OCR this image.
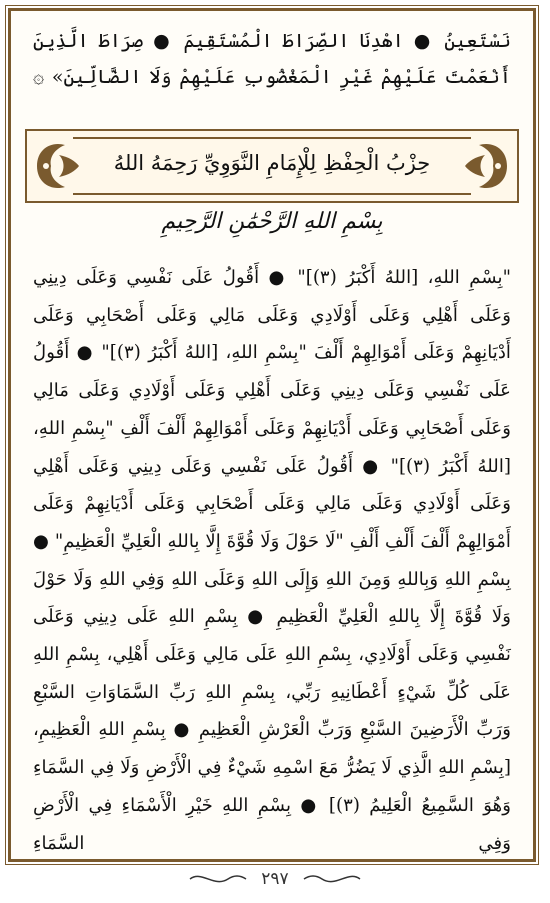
نَسْتَعِينُ ● اهْدِنَا الصِّرَاطَ الْمُسْتَقِيمَ ● صِرَاطَ الَّذِينَ أَنْعَمْتَ عَلَيْهِمْ غَيْرِ الْمَغْضُوبِ عَلَيْهِمْ وَلَا الضَّالِّينَ» ۞
حِزْبُ الْحِفْظِ لِلْإِمَامِ النَّوَوِيِّ رَحِمَهُ اللهُ
بِسْمِ اللهِ الرَّحْمَٰنِ الرَّحِيمِ

"بِسْمِ اللهِ، [اللهُ أَكْبَرُ (٣)]" ● أَقُولُ عَلَى نَفْسِي وَعَلَى دِينِي وَعَلَى أَهْلِي وَعَلَى أَوْلَادِي وَعَلَى مَالِي وَعَلَى أَصْحَابِي وَعَلَى أَدْيَانِهِمْ وَعَلَى أَمْوَالِهِمْ أَلْفَ "بِسْمِ اللهِ، [اللهُ أَكْبَرُ (٣)]" ● أَقُولُ عَلَى نَفْسِي وَعَلَى دِينِي وَعَلَى أَهْلِي وَعَلَى أَوْلَادِي وَعَلَى مَالِي وَعَلَى أَصْحَابِي وَعَلَى أَدْيَانِهِمْ وَعَلَى أَمْوَالِهِمْ أَلْفَ أَلْفِ "بِسْمِ اللهِ، [اللهُ أَكْبَرُ (٣)]" ● أَقُولُ عَلَى نَفْسِي وَعَلَى دِينِي وَعَلَى أَهْلِي وَعَلَى أَوْلَادِي وَعَلَى مَالِي وَعَلَى أَصْحَابِي وَعَلَى أَدْيَانِهِمْ وَعَلَى أَمْوَالِهِمْ أَلْفَ أَلْفِ أَلْفِ "لَا حَوْلَ وَلَا قُوَّةَ إِلَّا بِاللهِ الْعَلِيِّ الْعَظِيمِ" ● بِسْمِ اللهِ وَبِاللهِ وَمِنَ اللهِ وَإِلَى اللهِ وَعَلَى اللهِ وَفِي اللهِ وَلَا حَوْلَ وَلَا قُوَّةَ إِلَّا بِاللهِ الْعَلِيِّ الْعَظِيمِ ● بِسْمِ اللهِ عَلَى دِينِي وَعَلَى نَفْسِي وَعَلَى أَوْلَادِي، بِسْمِ اللهِ عَلَى مَالِي وَعَلَى أَهْلِي، بِسْمِ اللهِ عَلَى كُلِّ شَيْءٍ أَعْطَانِيهِ رَبِّي، بِسْمِ اللهِ رَبِّ السَّمَاوَاتِ السَّبْعِ وَرَبِّ الْأَرَضِينَ السَّبْعِ وَرَبِّ الْعَرْشِ الْعَظِيمِ ● بِسْمِ اللهِ الْعَظِيمِ، [بِسْمِ اللهِ الَّذِي لَا يَضُرُّ مَعَ اسْمِهِ شَيْءٌ فِي الْأَرْضِ وَلَا فِي السَّمَاءِ وَهُوَ السَّمِيعُ الْعَلِيمُ (٣)] ● بِسْمِ اللهِ خَيْرِ الْأَسْمَاءِ فِي الْأَرْضِ وَفِي السَّمَاءِ

٢٩٧
